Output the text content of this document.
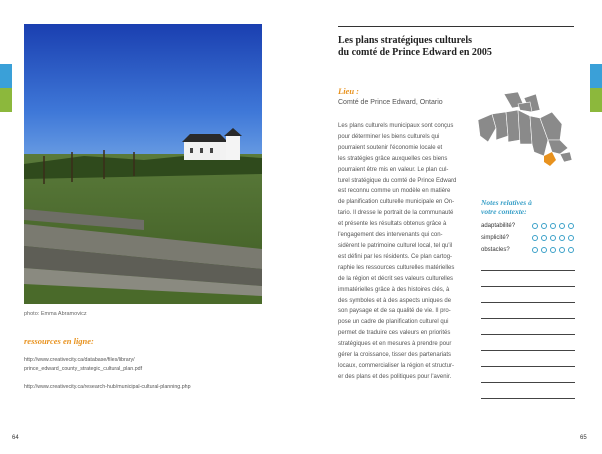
photo: Emma Abramovicz
ressources en ligne:
http://www.creativecity.ca/database/files/library/
prince_edward_county_strategic_cultural_plan.pdf
http://www.creativecity.ca/research-hub/municipal-cultural-planning.php
64
Les plans stratégiques culturels
du comté de Prince Edward en 2005
Lieu :
Comté de Prince Edward, Ontario
Les plans culturels municipaux sont conçus
pour déterminer les biens culturels qui
pourraient soutenir l'économie locale et
les stratégies grâce auxquelles ces biens
pourraient être mis en valeur. Le plan cul-
turel stratégique du comté de Prince Edward
est reconnu comme un modèle en matière
de planification culturelle municipale en On-
tario. Il dresse le portrait de la communauté
et présente les résultats obtenus grâce à
l'engagement des intervenants qui con-
sidèrent le patrimoine culturel local, tel qu'il
est défini par les résidents. Ce plan cartog-
raphie les ressources culturelles matérielles
de la région et décrit ses valeurs culturelles
immatérielles grâce à des histoires clés, à
des symboles et à des aspects uniques de
son paysage et de sa qualité de vie. Il pro-
pose un cadre de planification culturel qui
permet de traduire ces valeurs en priorités
stratégiques et en mesures à prendre pour
gérer la croissance, tisser des partenariats
locaux, commercialiser la région et structur-
er des plans et des politiques pour l'avenir.
Notes relatives à
votre contexte:
adaptabilité?
simplicité?
obstacles?
65
